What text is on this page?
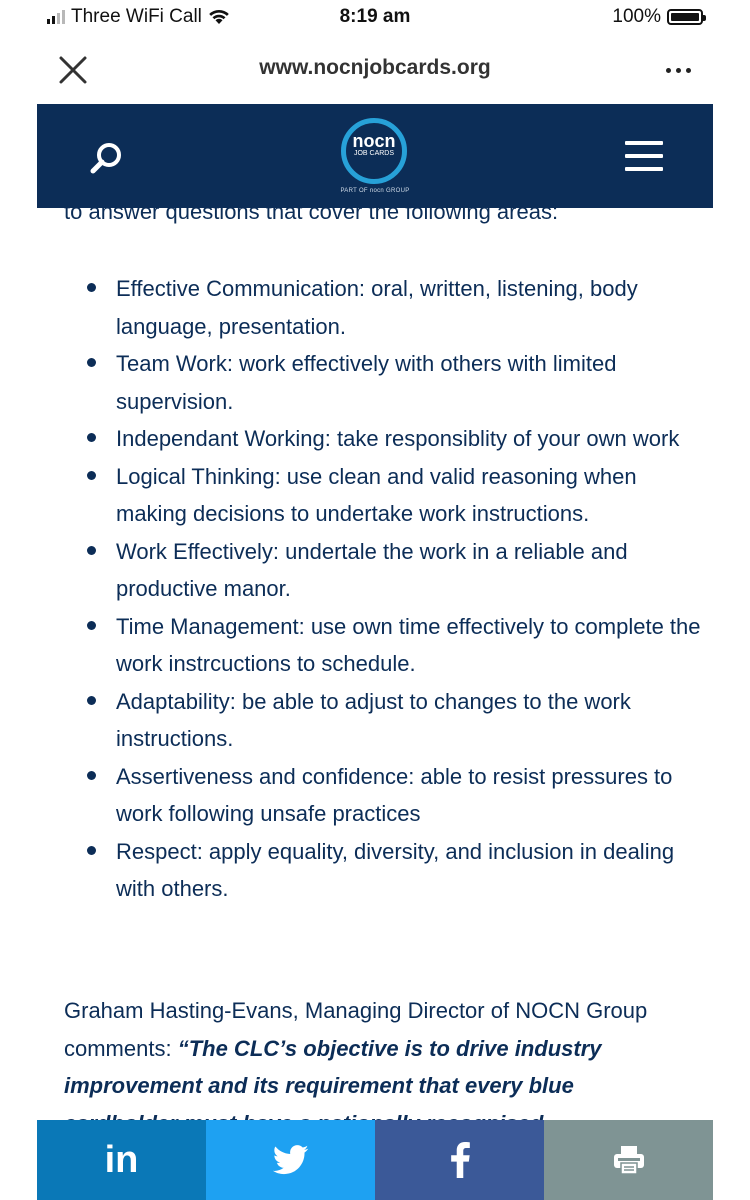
Three WiFi Call	8:19 am	100%
www.nocnjobcards.org
nocn
JOB CARDS
PART OF nocn GROUP
to answer questions that cover the following areas:
Effective Communication: oral, written, listening, body language, presentation.
Team Work: work effectively with others with limited supervision.
Independant Working: take responsiblity of your own work
Logical Thinking: use clean and valid reasoning when making decisions to undertake work instructions.
Work Effectively: undertale the work in a reliable and productive manor.
Time Management: use own time effectively to complete the work instrcuctions to schedule.
Adaptability: be able to adjust to changes to the work instructions.
Assertiveness and confidence: able to resist pressures to work following unsafe practices
Respect: apply equality, diversity, and inclusion in dealing with others.

Graham Hasting-Evans, Managing Director of NOCN Group comments: “The CLC’s objective is to drive industry improvement and its requirement that every blue

in
